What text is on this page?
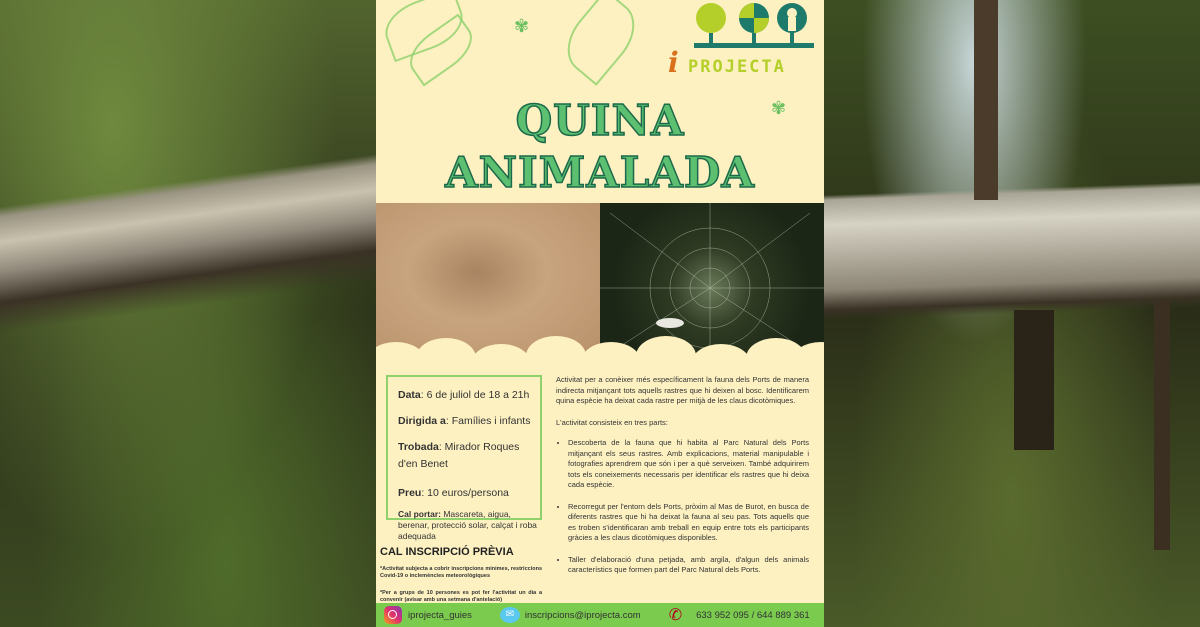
✾
✾
i PROJECTA
QUINA
ANIMALADA

Data: 6 de juliol de 18 a 21h

Dirigida a: Famílies i infants

Trobada: Mirador Roques d'en Benet

Preu: 10 euros/persona

Cal portar: Mascareta, aigua, berenar, protecció solar, calçat i roba adequada

CAL INSCRIPCIÓ PRÈVIA
*Activitat subjecta a cobrir inscripcions mínimes, restriccions Covid-19 o inclemències meteorològiques
*Per a grups de 10 persones es pot fer l'activitat un dia a convenir (avisar amb una setmana d'antelació)
Activitat per a conèixer més específicament la fauna dels Ports de manera indirecta mitjançant tots aquells rastres que hi deixen al bosc. Identificarem quina espècie ha deixat cada rastre per mitjà de les claus dicotòmiques.
L'activitat consisteix en tres parts:
• Descoberta de la fauna que hi habita al Parc Natural dels Ports mitjançant els seus rastres. Amb explicacions, material manipulable i fotografies aprendrem que són i per a què serveixen. També adquirirem tots els coneixements necessaris per identificar els rastres que hi deixa cada espècie.
• Recorregut per l'entorn dels Ports, pròxim al Mas de Burot, en busca de diferents rastres que hi ha deixat la fauna al seu pas. Tots aquells que es troben s'identificaran amb treball en equip entre tots els participants gràcies a les claus dicotòmiques disponibles.
• Taller d'elaboració d'una petjada, amb argila, d'algun dels animals característics que formen part del Parc Natural dels Ports.
iprojecta_guies	✉	inscripcions@iprojecta.com ✆ 633 952 095 / 644 889 361
